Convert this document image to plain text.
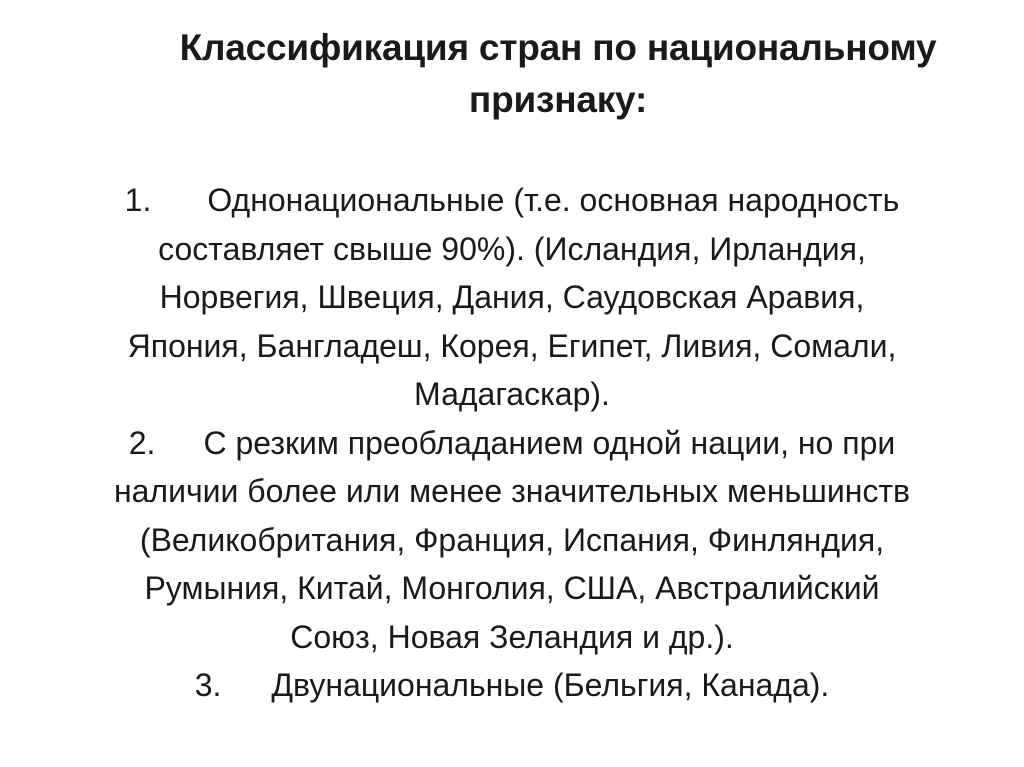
Классификация стран по национальному
признаку:
1. Однонациональные (т.е. основная народность
составляет свыше 90%). (Исландия, Ирландия,
Норвегия, Швеция, Дания, Саудовская Аравия,
Япония, Бангладеш, Корея, Египет, Ливия, Сомали,
Мадагаскар).
2. С резким преобладанием одной нации, но при
наличии более или менее значительных меньшинств
(Великобритания, Франция, Испания, Финляндия,
Румыния, Китай, Монголия, США, Австралийский
Союз, Новая Зеландия и др.).
3. Двунациональные (Бельгия, Канада).
